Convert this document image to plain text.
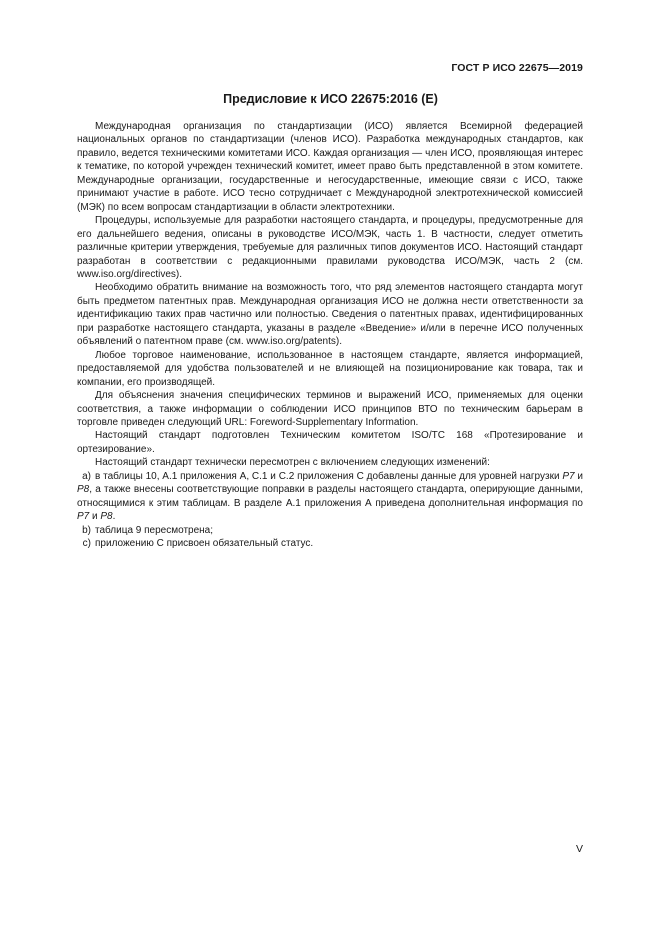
ГОСТ Р ИСО 22675—2019
Предисловие к ИСО 22675:2016 (E)

Международная организация по стандартизации (ИСО) является Всемирной федерацией национальных органов по стандартизации (членов ИСО). Разработка международных стандартов, как правило, ведется техническими комитетами ИСО. Каждая организация — член ИСО, проявляющая интерес к тематике, по которой учрежден технический комитет, имеет право быть представленной в этом комитете. Международные организации, государственные и негосударственные, имеющие связи с ИСО, также принимают участие в работе. ИСО тесно сотрудничает с Международной электротехнической комиссией (МЭК) по всем вопросам стандартизации в области электротехники.

Процедуры, используемые для разработки настоящего стандарта, и процедуры, предусмотренные для его дальнейшего ведения, описаны в руководстве ИСО/МЭК, часть 1. В частности, следует отметить различные критерии утверждения, требуемые для различных типов документов ИСО. Настоящий стандарт разработан в соответствии с редакционными правилами руководства ИСО/МЭК, часть 2 (см. www.iso.org/directives).

Необходимо обратить внимание на возможность того, что ряд элементов настоящего стандарта могут быть предметом патентных прав. Международная организация ИСО не должна нести ответственности за идентификацию таких прав частично или полностью. Сведения о патентных правах, идентифицированных при разработке настоящего стандарта, указаны в разделе «Введение» и/или в перечне ИСО полученных объявлений о патентном праве (см. www.iso.org/patents).

Любое торговое наименование, использованное в настоящем стандарте, является информацией, предоставляемой для удобства пользователей и не влияющей на позиционирование как товара, так и компании, его производящей.

Для объяснения значения специфических терминов и выражений ИСО, применяемых для оценки соответствия, а также информации о соблюдении ИСО принципов ВТО по техническим барьерам в торговле приведен следующий URL: Foreword-Supplementary Information.

Настоящий стандарт подготовлен Техническим комитетом ISO/TC 168 «Протезирование и ортезирование».

Настоящий стандарт технически пересмотрен с включением следующих изменений:

a) в таблицы 10, А.1 приложения А, С.1 и С.2 приложения С добавлены данные для уровней нагрузки P7 и P8, а также внесены соответствующие поправки в разделы настоящего стандарта, оперирующие данными, относящимися к этим таблицам. В разделе А.1 приложения А приведена дополнительная информация по P7 и P8.

b) таблица 9 пересмотрена;

c) приложению С присвоен обязательный статус.

V
